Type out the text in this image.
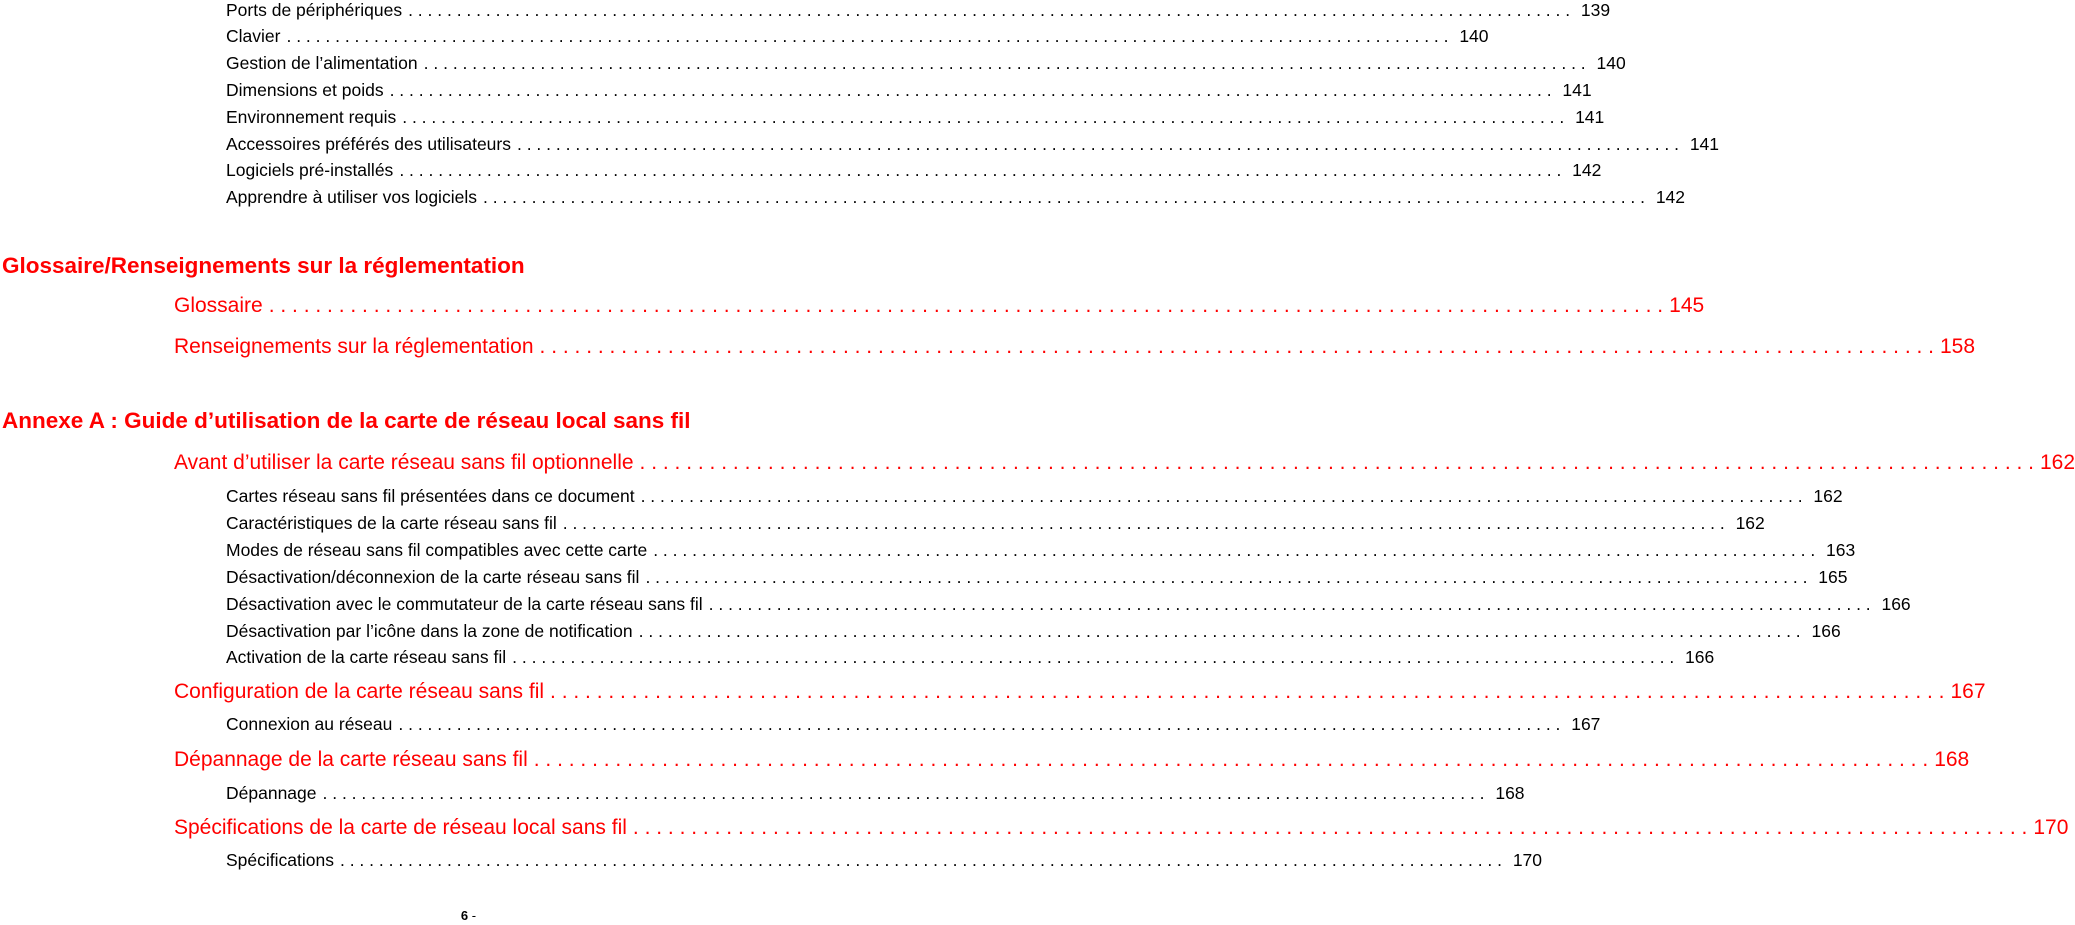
Ports de périphériques . . . . . . . . . . . . . . . . . . . . . . . . . . . . . . . . . . . . . . . . . . . . . . . . . . . . . . . . . . . . . . . . . . . . . . . . . . . . . . . . . . . . . . . . . . . . . . . . . . . . . . . . . . . . . . . . . . . . . . . . 139
Clavier . . . . . . . . . . . . . . . . . . . . . . . . . . . . . . . . . . . . . . . . . . . . . . . . . . . . . . . . . . . . . . . . . . . . . . . . . . . . . . . . . . . . . . . . . . . . . . . . . . . . . . . . . . . . . . . . . . . . . . . . 140
Gestion de l’alimentation . . . . . . . . . . . . . . . . . . . . . . . . . . . . . . . . . . . . . . . . . . . . . . . . . . . . . . . . . . . . . . . . . . . . . . . . . . . . . . . . . . . . . . . . . . . . . . . . . . . . . . . . . . . . . . . . . . . . . . . . 140
Dimensions et poids . . . . . . . . . . . . . . . . . . . . . . . . . . . . . . . . . . . . . . . . . . . . . . . . . . . . . . . . . . . . . . . . . . . . . . . . . . . . . . . . . . . . . . . . . . . . . . . . . . . . . . . . . . . . . . . . . . . . . . . . 141
Environnement requis . . . . . . . . . . . . . . . . . . . . . . . . . . . . . . . . . . . . . . . . . . . . . . . . . . . . . . . . . . . . . . . . . . . . . . . . . . . . . . . . . . . . . . . . . . . . . . . . . . . . . . . . . . . . . . . . . . . . . . . . 141
Accessoires préférés des utilisateurs . . . . . . . . . . . . . . . . . . . . . . . . . . . . . . . . . . . . . . . . . . . . . . . . . . . . . . . . . . . . . . . . . . . . . . . . . . . . . . . . . . . . . . . . . . . . . . . . . . . . . . . . . . . . . . . . . . . . . . . . 141
Logiciels pré-installés . . . . . . . . . . . . . . . . . . . . . . . . . . . . . . . . . . . . . . . . . . . . . . . . . . . . . . . . . . . . . . . . . . . . . . . . . . . . . . . . . . . . . . . . . . . . . . . . . . . . . . . . . . . . . . . . . . . . . . . . 142
Apprendre à utiliser vos logiciels . . . . . . . . . . . . . . . . . . . . . . . . . . . . . . . . . . . . . . . . . . . . . . . . . . . . . . . . . . . . . . . . . . . . . . . . . . . . . . . . . . . . . . . . . . . . . . . . . . . . . . . . . . . . . . . . . . . . . . . . 142
Glossaire/Renseignements sur la réglementation
Glossaire . . . . . . . . . . . . . . . . . . . . . . . . . . . . . . . . . . . . . . . . . . . . . . . . . . . . . . . . . . . . . . . . . . . . . . . . . . . . . . . . . . . . . . . . . . . . . . . . . . . . . . . . . . . . . . . . . . . . . . . . 145
Renseignements sur la réglementation . . . . . . . . . . . . . . . . . . . . . . . . . . . . . . . . . . . . . . . . . . . . . . . . . . . . . . . . . . . . . . . . . . . . . . . . . . . . . . . . . . . . . . . . . . . . . . . . . . . . . . . . . . . . . . . . . . . . . . . . 158
Annexe A : Guide d’utilisation de la carte de réseau local sans fil
Avant d’utiliser la carte réseau sans fil optionnelle . . . . . . . . . . . . . . . . . . . . . . . . . . . . . . . . . . . . . . . . . . . . . . . . . . . . . . . . . . . . . . . . . . . . . . . . . . . . . . . . . . . . . . . . . . . . . . . . . . . . . . . . . . . . . . . . . . . . . . . . 162
Cartes réseau sans fil présentées dans ce document . . . . . . . . . . . . . . . . . . . . . . . . . . . . . . . . . . . . . . . . . . . . . . . . . . . . . . . . . . . . . . . . . . . . . . . . . . . . . . . . . . . . . . . . . . . . . . . . . . . . . . . . . . . . . . . . . . . . . . . . 162
Caractéristiques de la carte réseau sans fil . . . . . . . . . . . . . . . . . . . . . . . . . . . . . . . . . . . . . . . . . . . . . . . . . . . . . . . . . . . . . . . . . . . . . . . . . . . . . . . . . . . . . . . . . . . . . . . . . . . . . . . . . . . . . . . . . . . . . . . . 162
Modes de réseau sans fil compatibles avec cette carte . . . . . . . . . . . . . . . . . . . . . . . . . . . . . . . . . . . . . . . . . . . . . . . . . . . . . . . . . . . . . . . . . . . . . . . . . . . . . . . . . . . . . . . . . . . . . . . . . . . . . . . . . . . . . . . . . . . . . . . . 163
Désactivation/déconnexion de la carte réseau sans fil . . . . . . . . . . . . . . . . . . . . . . . . . . . . . . . . . . . . . . . . . . . . . . . . . . . . . . . . . . . . . . . . . . . . . . . . . . . . . . . . . . . . . . . . . . . . . . . . . . . . . . . . . . . . . . . . . . . . . . . . 165
Désactivation avec le commutateur de la carte réseau sans fil . . . . . . . . . . . . . . . . . . . . . . . . . . . . . . . . . . . . . . . . . . . . . . . . . . . . . . . . . . . . . . . . . . . . . . . . . . . . . . . . . . . . . . . . . . . . . . . . . . . . . . . . . . . . . . . . . . . . . . . . 166
Désactivation par l’icône dans la zone de notification . . . . . . . . . . . . . . . . . . . . . . . . . . . . . . . . . . . . . . . . . . . . . . . . . . . . . . . . . . . . . . . . . . . . . . . . . . . . . . . . . . . . . . . . . . . . . . . . . . . . . . . . . . . . . . . . . . . . . . . . 166
Activation de la carte réseau sans fil . . . . . . . . . . . . . . . . . . . . . . . . . . . . . . . . . . . . . . . . . . . . . . . . . . . . . . . . . . . . . . . . . . . . . . . . . . . . . . . . . . . . . . . . . . . . . . . . . . . . . . . . . . . . . . . . . . . . . . . . 166
Configuration de la carte réseau sans fil . . . . . . . . . . . . . . . . . . . . . . . . . . . . . . . . . . . . . . . . . . . . . . . . . . . . . . . . . . . . . . . . . . . . . . . . . . . . . . . . . . . . . . . . . . . . . . . . . . . . . . . . . . . . . . . . . . . . . . . . 167
Connexion au réseau . . . . . . . . . . . . . . . . . . . . . . . . . . . . . . . . . . . . . . . . . . . . . . . . . . . . . . . . . . . . . . . . . . . . . . . . . . . . . . . . . . . . . . . . . . . . . . . . . . . . . . . . . . . . . . . . . . . . . . . . 167
Dépannage de la carte réseau sans fil . . . . . . . . . . . . . . . . . . . . . . . . . . . . . . . . . . . . . . . . . . . . . . . . . . . . . . . . . . . . . . . . . . . . . . . . . . . . . . . . . . . . . . . . . . . . . . . . . . . . . . . . . . . . . . . . . . . . . . . . 168
Dépannage . . . . . . . . . . . . . . . . . . . . . . . . . . . . . . . . . . . . . . . . . . . . . . . . . . . . . . . . . . . . . . . . . . . . . . . . . . . . . . . . . . . . . . . . . . . . . . . . . . . . . . . . . . . . . . . . . . . . . . . . 168
Spécifications de la carte de réseau local sans fil . . . . . . . . . . . . . . . . . . . . . . . . . . . . . . . . . . . . . . . . . . . . . . . . . . . . . . . . . . . . . . . . . . . . . . . . . . . . . . . . . . . . . . . . . . . . . . . . . . . . . . . . . . . . . . . . . . . . . . . . 170
Spécifications . . . . . . . . . . . . . . . . . . . . . . . . . . . . . . . . . . . . . . . . . . . . . . . . . . . . . . . . . . . . . . . . . . . . . . . . . . . . . . . . . . . . . . . . . . . . . . . . . . . . . . . . . . . . . . . . . . . . . . . . 170
6 -
